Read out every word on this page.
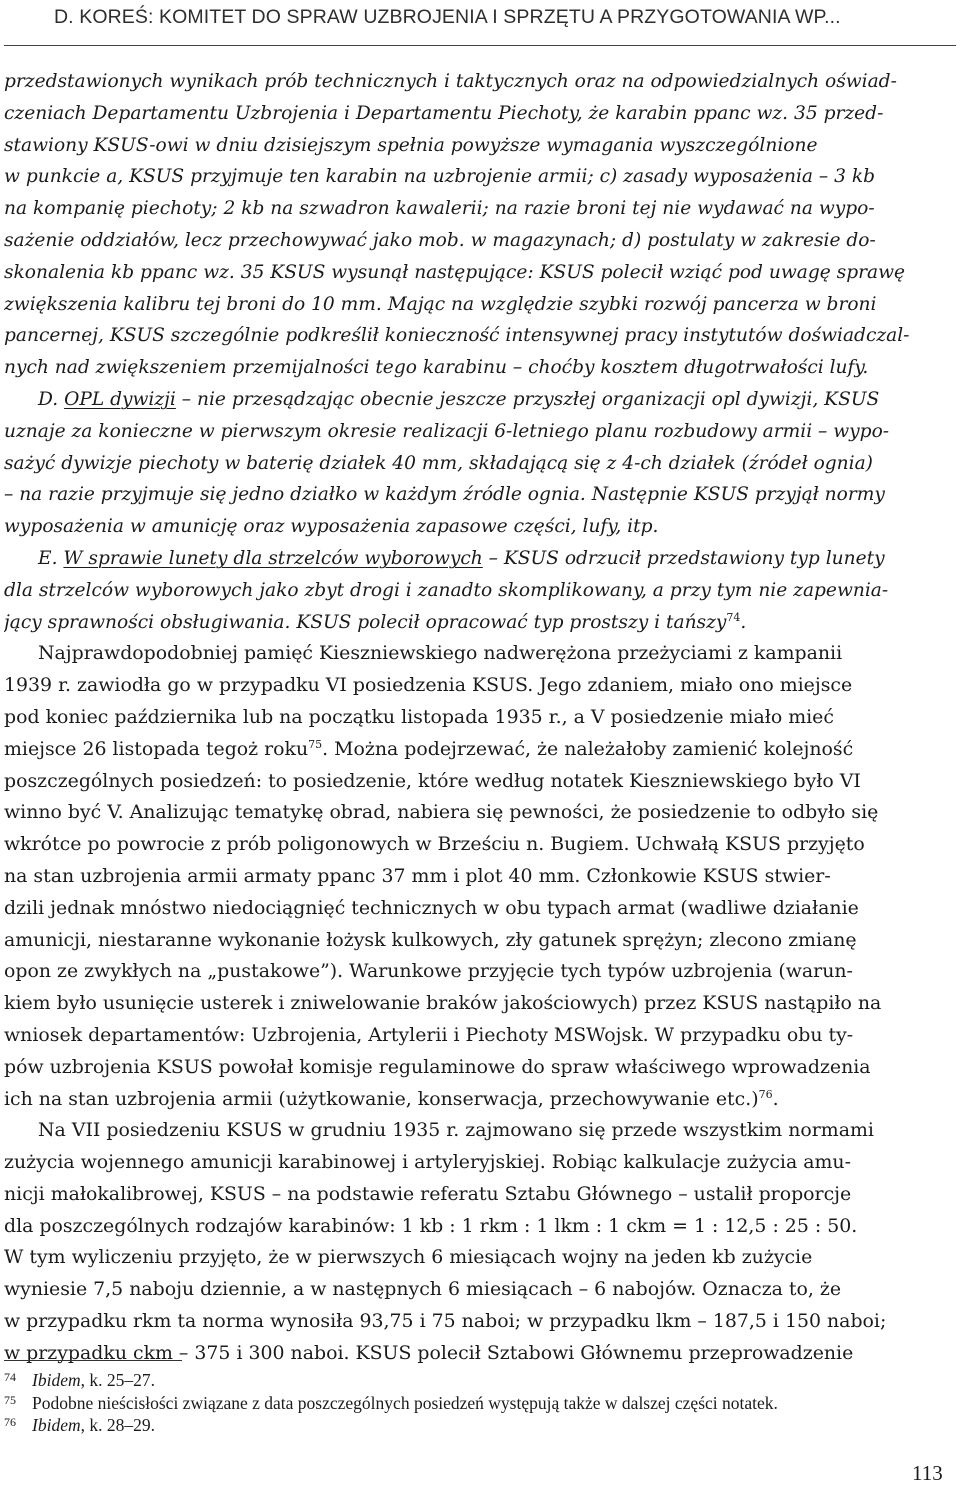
D. KOREŚ: KOMITET DO SPRAW UZBROJENIA I SPRZĘTU A PRZYGOTOWANIA WP...
przedstawionych wynikach prób technicznych i taktycznych oraz na odpowiedzialnych oświad-
czeniach Departamentu Uzbrojenia i Departamentu Piechoty, że karabin ppanc wz. 35 przed-
stawiony KSUS-owi w dniu dzisiejszym spełnia powyższe wymagania wyszczególnione
w punkcie a, KSUS przyjmuje ten karabin na uzbrojenie armii; c) zasady wyposażenia – 3 kb
na kompanię piechoty; 2 kb na szwadron kawalerii; na razie broni tej nie wydawać na wypo-
sażenie oddziałów, lecz przechowywać jako mob. w magazynach; d) postulaty w zakresie do-
skonalenia kb ppanc wz. 35 KSUS wysunął następujące: KSUS polecił wziąć pod uwagę sprawę
zwiększenia kalibru tej broni do 10 mm. Mając na względzie szybki rozwój pancerza w broni
pancernej, KSUS szczególnie podkreślił konieczność intensywnej pracy instytutów doświadczal-
nych nad zwiększeniem przemijalności tego karabinu – choćby kosztem długotrwałości lufy.
D. OPL dywizji – nie przesądzając obecnie jeszcze przyszłej organizacji opl dywizji, KSUS
uznaje za konieczne w pierwszym okresie realizacji 6-letniego planu rozbudowy armii – wypo-
sażyć dywizje piechoty w baterię działek 40 mm, składającą się z 4-ch działek (źródeł ognia)
– na razie przyjmuje się jedno działko w każdym źródle ognia. Następnie KSUS przyjął normy
wyposażenia w amunicję oraz wyposażenia zapasowe części, lufy, itp.
E. W sprawie lunety dla strzelców wyborowych – KSUS odrzucił przedstawiony typ lunety
dla strzelców wyborowych jako zbyt drogi i zanadto skomplikowany, a przy tym nie zapewnia-
jący sprawności obsługiwania. KSUS polecił opracować typ prostszy i tańszy$^{74}$.
Najprawdopodobniej pamięć Kieszniewskiego nadwerężona przeżyciami z kampanii
1939 r. zawiodła go w przypadku VI posiedzenia KSUS. Jego zdaniem, miało ono miejsce
pod koniec października lub na początku listopada 1935 r., a V posiedzenie miało mieć
miejsce 26 listopada tegoż roku$^{75}$. Można podejrzewać, że należałoby zamienić kolejność
poszczególnych posiedzeń: to posiedzenie, które według notatek Kieszniewskiego było VI
winno być V. Analizując tematykę obrad, nabiera się pewności, że posiedzenie to odbyło się
wkrótce po powrocie z prób poligonowych w Brześciu n. Bugiem. Uchwałą KSUS przyjęto
na stan uzbrojenia armii armaty ppanc 37 mm i plot 40 mm. Członkowie KSUS stwier-
dzili jednak mnóstwo niedociągnięć technicznych w obu typach armat (wadliwe działanie
amunicji, niestaranne wykonanie łożysk kulkowych, zły gatunek sprężyn; zlecono zmianę
opon ze zwykłych na „pustakowe”). Warunkowe przyjęcie tych typów uzbrojenia (warun-
kiem było usunięcie usterek i zniwelowanie braków jakościowych) przez KSUS nastąpiło na
wniosek departamentów: Uzbrojenia, Artylerii i Piechoty MSWojsk. W przypadku obu ty-
pów uzbrojenia KSUS powołał komisje regulaminowe do spraw właściwego wprowadzenia
ich na stan uzbrojenia armii (użytkowanie, konserwacja, przechowywanie etc.)$^{76}$.
Na VII posiedzeniu KSUS w grudniu 1935 r. zajmowano się przede wszystkim normami
zużycia wojennego amunicji karabinowej i artyleryjskiej. Robiąc kalkulacje zużycia amu-
nicji małokalibrowej, KSUS – na podstawie referatu Sztabu Głównego – ustalił proporcje
dla poszczególnych rodzajów karabinów: 1 kb : 1 rkm : 1 lkm : 1 ckm = 1 : 12,5 : 25 : 50.
W tym wyliczeniu przyjęto, że w pierwszych 6 miesiącach wojny na jeden kb zużycie
wyniesie 7,5 naboju dziennie, a w następnych 6 miesiącach – 6 nabojów. Oznacza to, że
w przypadku rkm ta norma wynosiła 93,75 i 75 naboi; w przypadku lkm – 187,5 i 150 naboi;
w przypadku ckm – 375 i 300 naboi. KSUS polecił Sztabowi Głównemu przeprowadzenie
74 Ibidem, k. 25–27.
75 Podobne nieścisłości związane z data poszczególnych posiedzeń występują także w dalszej części notatek.
76 Ibidem, k. 28–29.
113
